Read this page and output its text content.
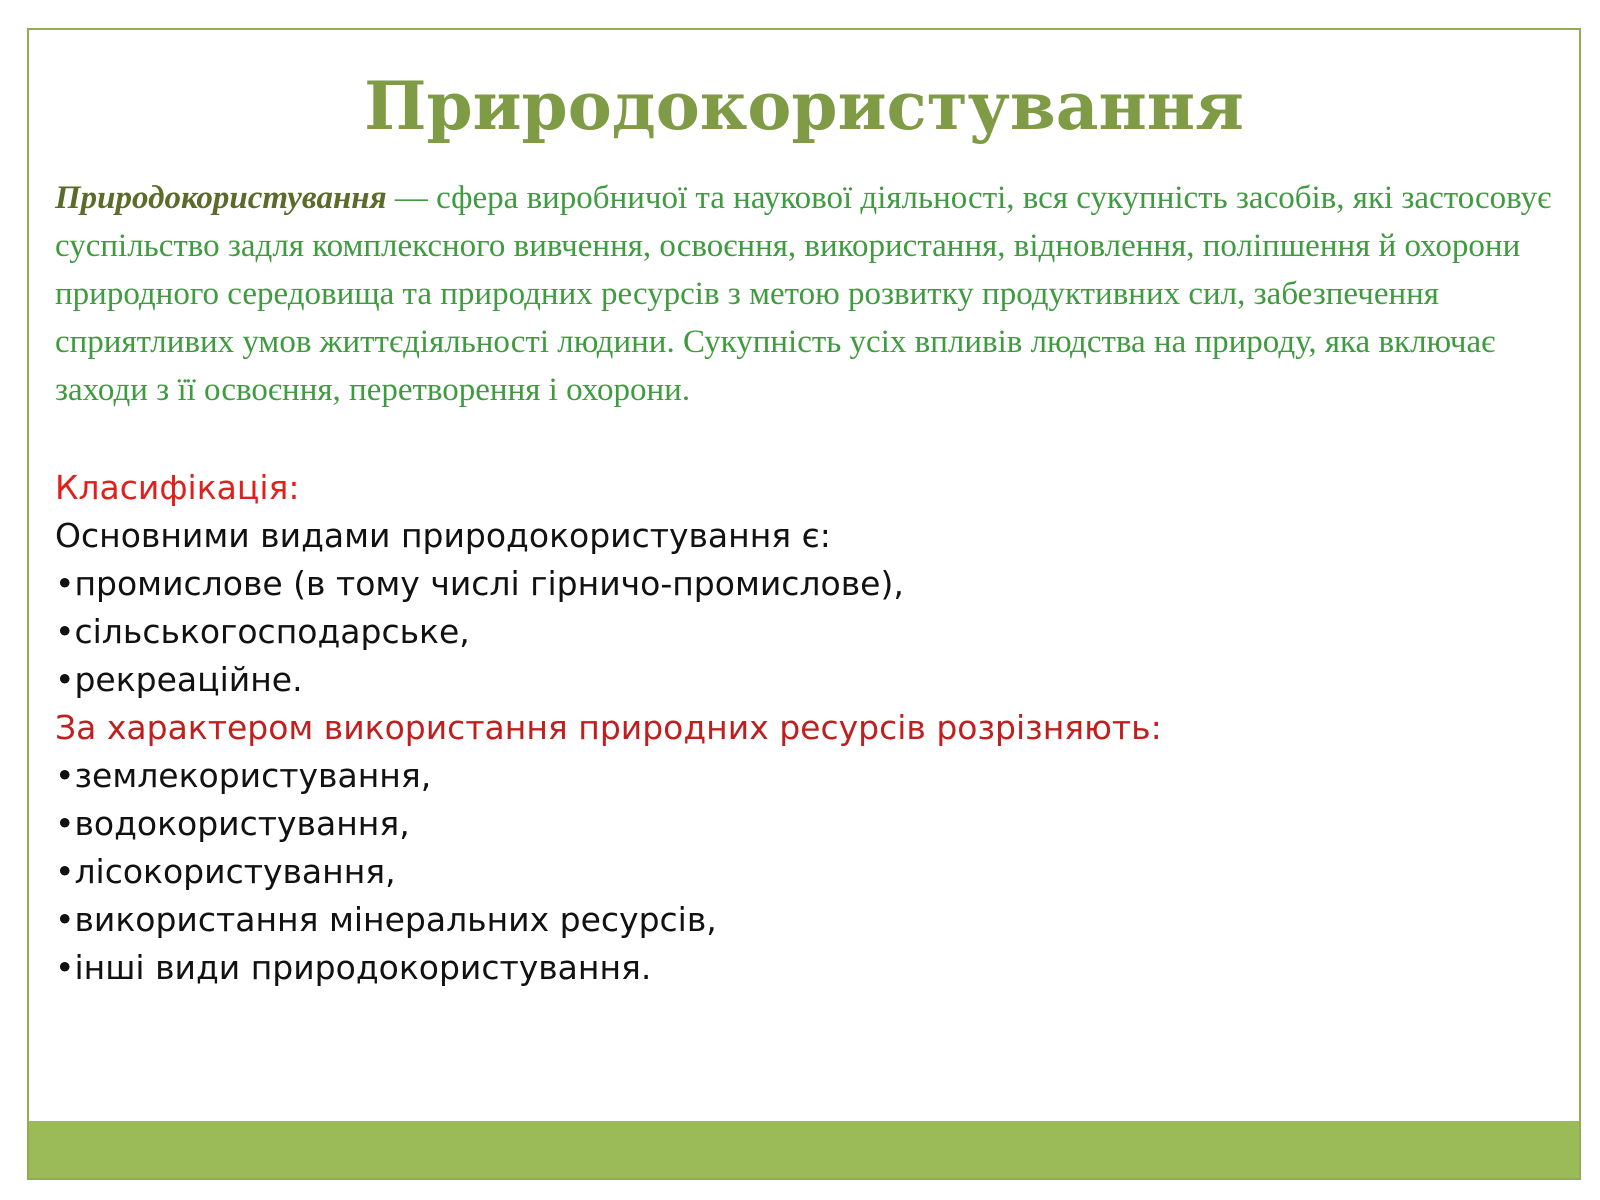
Природокористування

Природокористування — сфера виробничої та наукової діяльності, вся сукупність засобів, які застосовує суспільство задля комплексного вивчення, освоєння, використання, відновлення, поліпшення й охорони природного середовища та природних ресурсів з метою розвитку продуктивних сил, забезпечення сприятливих умов життєдіяльності людини. Сукупність усіх впливів людства на природу, яка включає заходи з її освоєння, перетворення і охорони.

Класифікація:

Основними видами природокористування є:

•промислове (в тому числі гірничо-промислове),

•сільськогосподарське,

•рекреаційне.

За характером використання природних ресурсів розрізняють:

•землекористування,

•водокористування,

•лісокористування,

•використання мінеральних ресурсів,

•інші види природокористування.
